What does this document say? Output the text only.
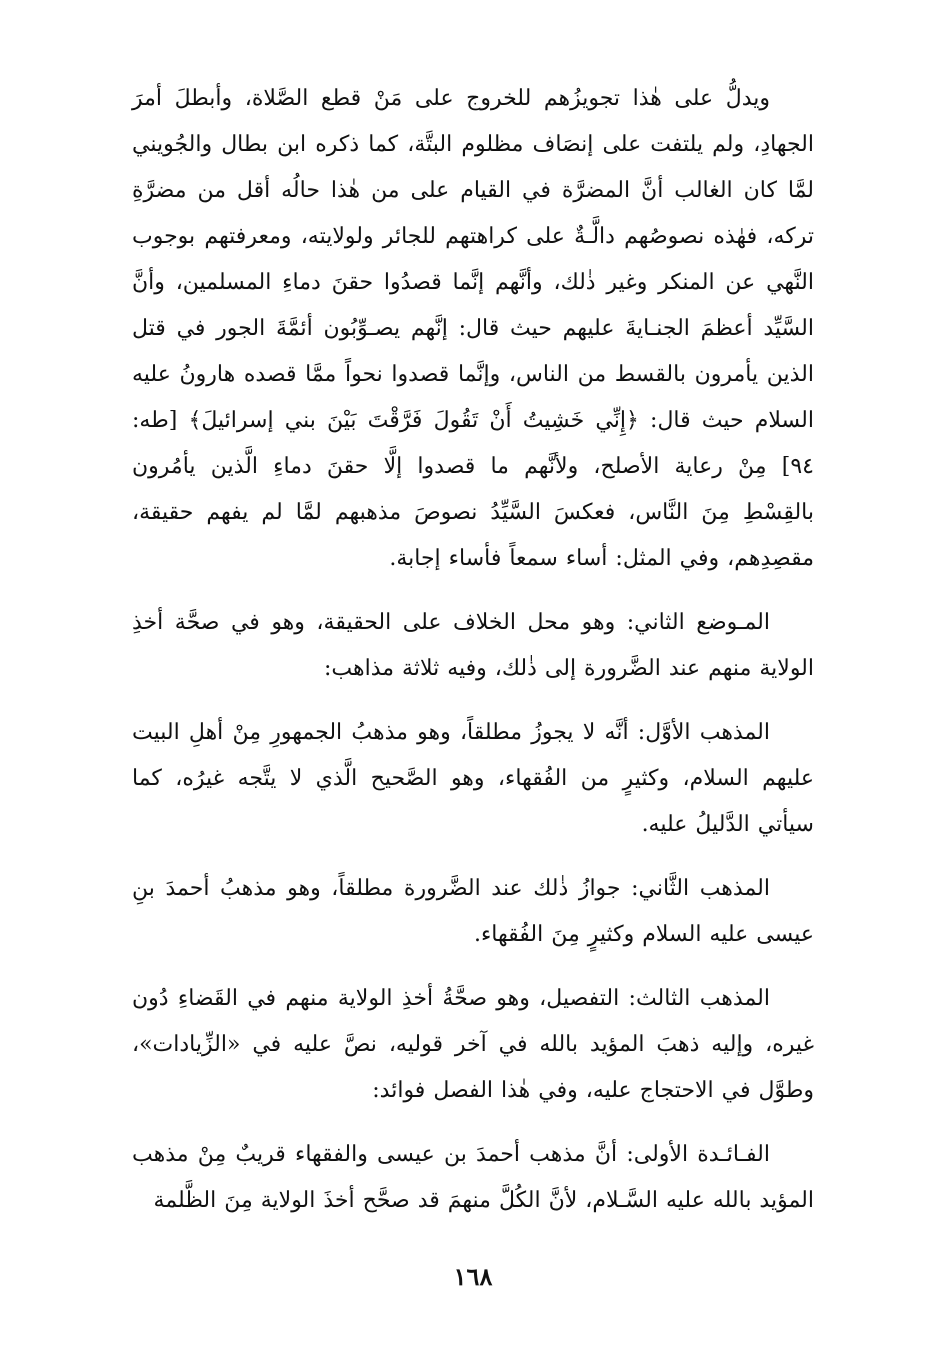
ويدلُّ على هٰذا تجويزُهم للخروج على مَنْ قطع الصَّلاة، وأبطلَ أمرَ الجهادِ، ولم يلتفت على إنصَاف مظلوم البتَّة، كما ذكره ابن بطال والجُويني لمَّا كان الغالب أنَّ المضرَّة في القيام على من هٰذا حالُه أقل من مضرَّةِ تركه، فهٰذه نصوصُهم دالَّـةٌ على كراهتهم للجائر ولولايته، ومعرفتهم بوجوب النَّهي عن المنكر وغير ذٰلك، وأنَّهم إنَّما قصدُوا حقنَ دماءِ المسلمين، وأنَّ السَّيِّد أعظمَ الجنـايةَ عليهم حيث قال: إنَّهم يصـوِّبُون أئمَّةَ الجور في قتل الذين يأمرون بالقسط من الناس، وإنَّما قصدوا نحواً ممَّا قصده هارونُ عليه السلام حيث قال: ﴿إِنِّي خَشِيتُ أَنْ تَقُولَ فَرَّقْتَ بَيْنَ بني إسرائيلَ﴾ [طه: ٩٤] مِنْ رعاية الأصلح، ولأنَّهم ما قصدوا إلَّا حقنَ دماءِ الَّذين يأمُرون بالقِسْطِ مِنَ النَّاس، فعكسَ السَّيِّدُ نصوصَ مذهبهم لمَّا لم يفهم حقيقة، مقصِدِهم، وفي المثل: أساء سمعاً فأساء إجابة.

المـوضع الثاني: وهو محل الخلاف على الحقيقة، وهو في صحَّة أخذِ الولاية منهم عند الضَّرورة إلى ذٰلك، وفيه ثلاثة مذاهب:

المذهب الأوَّل: أنَّه لا يجوزُ مطلقاً، وهو مذهبُ الجمهورِ مِنْ أهلِ البيت عليهم السلام، وكثيرٍ من الفُقهاء، وهو الصَّحيح الَّذي لا يتَّجه غيرُه، كما سيأتي الدَّليلُ عليه.

المذهب الثَّاني: جوازُ ذٰلك عند الضَّرورة مطلقاً، وهو مذهبُ أحمدَ بنِ عيسى عليه السلام وكثيرٍ مِنَ الفُقهاء.

المذهب الثالث: التفصيل، وهو صحَّةُ أخذِ الولاية منهم في القَضاءِ دُون غيره، وإليه ذهبَ المؤيد بالله في آخر قوليه، نصَّ عليه في «الزِّيادات»، وطوَّل في الاحتجاج عليه، وفي هٰذا الفصل فوائد:

الفـائـدة الأولى: أنَّ مذهب أحمدَ بن عيسى والفقهاء قريبٌ مِنْ مذهب المؤيد بالله عليه السَّـلام، لأنَّ الكُلَّ منهمَ قد صحَّح أخذَ الولاية مِنَ الظَّلمة

١٦٨
